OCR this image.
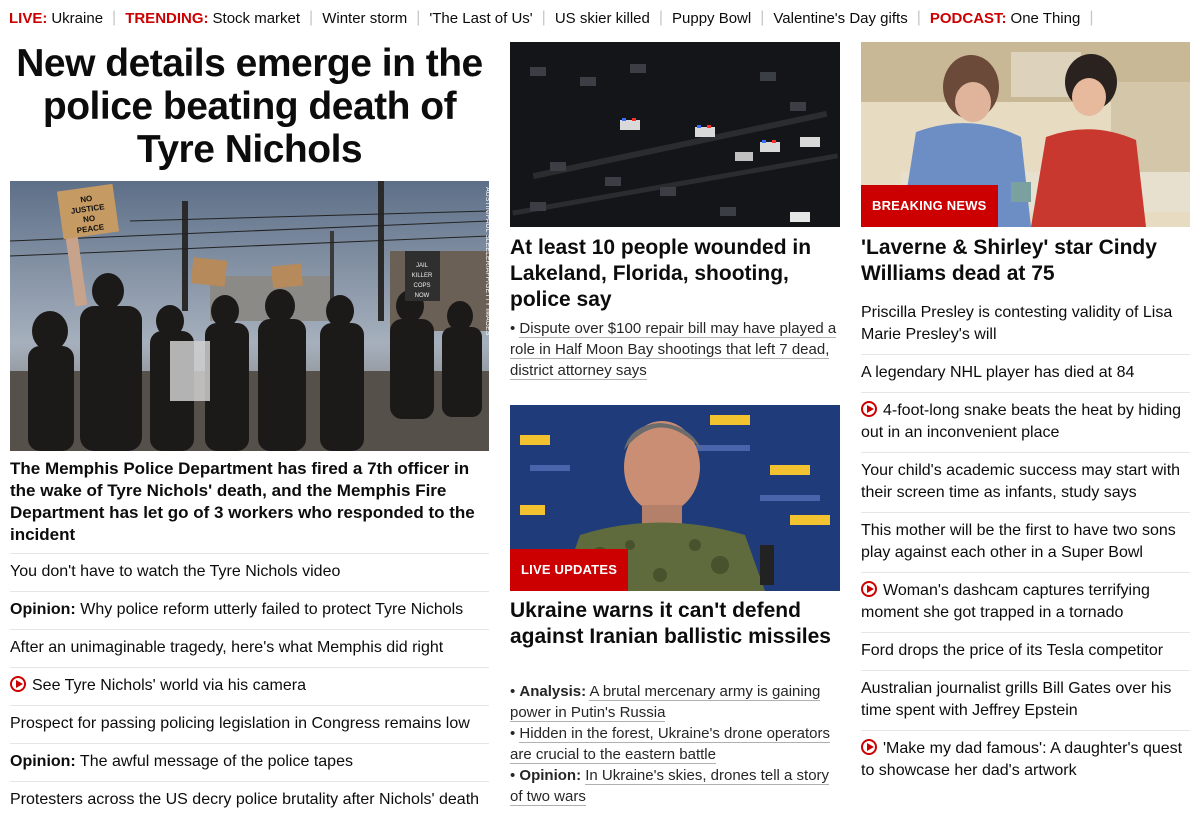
LIVE: Ukraine | TRENDING: Stock market | Winter storm | 'The Last of Us' | US skier killed | Puppy Bowl | Valentine's Day gifts | PODCAST: One Thing |
New details emerge in the police beating death of Tyre Nichols
NO
JUSTICE
NO
PEACE
JAIL
KILLER
COPS
NOW	AUSTIN/PAUL SLEELER/AFP/GETTY IMAGES

The Memphis Police Department has fired a 7th officer in the wake of Tyre Nichols' death, and the Memphis Fire Department has let go of 3 workers who responded to the incident

You don't have to watch the Tyre Nichols video
Opinion: Why police reform utterly failed to protect Tyre Nichols
After an unimaginable tragedy, here's what Memphis did right
See Tyre Nichols' world via his camera
Prospect for passing policing legislation in Congress remains low
Opinion: The awful message of the police tapes
Protesters across the US decry police brutality after Nichols' death
At least 10 people wounded in Lakeland, Florida, shooting, police say

• Dispute over $100 repair bill may have played a role in Half Moon Bay shootings that left 7 dead, district attorney says

LIVE UPDATES
Ukraine warns it can't defend against Iranian ballistic missiles

• Analysis: A brutal mercenary army is gaining power in Putin's Russia

• Hidden in the forest, Ukraine's drone operators are crucial to the eastern battle

• Opinion: In Ukraine's skies, drones tell a story of two wars

BREAKING NEWS
'Laverne & Shirley' star Cindy Williams dead at 75
Priscilla Presley is contesting validity of Lisa Marie Presley's will
A legendary NHL player has died at 84
4-foot-long snake beats the heat by hiding out in an inconvenient place
Your child's academic success may start with their screen time as infants, study says
This mother will be the first to have two sons play against each other in a Super Bowl
Woman's dashcam captures terrifying moment she got trapped in a tornado
Ford drops the price of its Tesla competitor
Australian journalist grills Bill Gates over his time spent with Jeffrey Epstein
'Make my dad famous': A daughter's quest to showcase her dad's artwork
